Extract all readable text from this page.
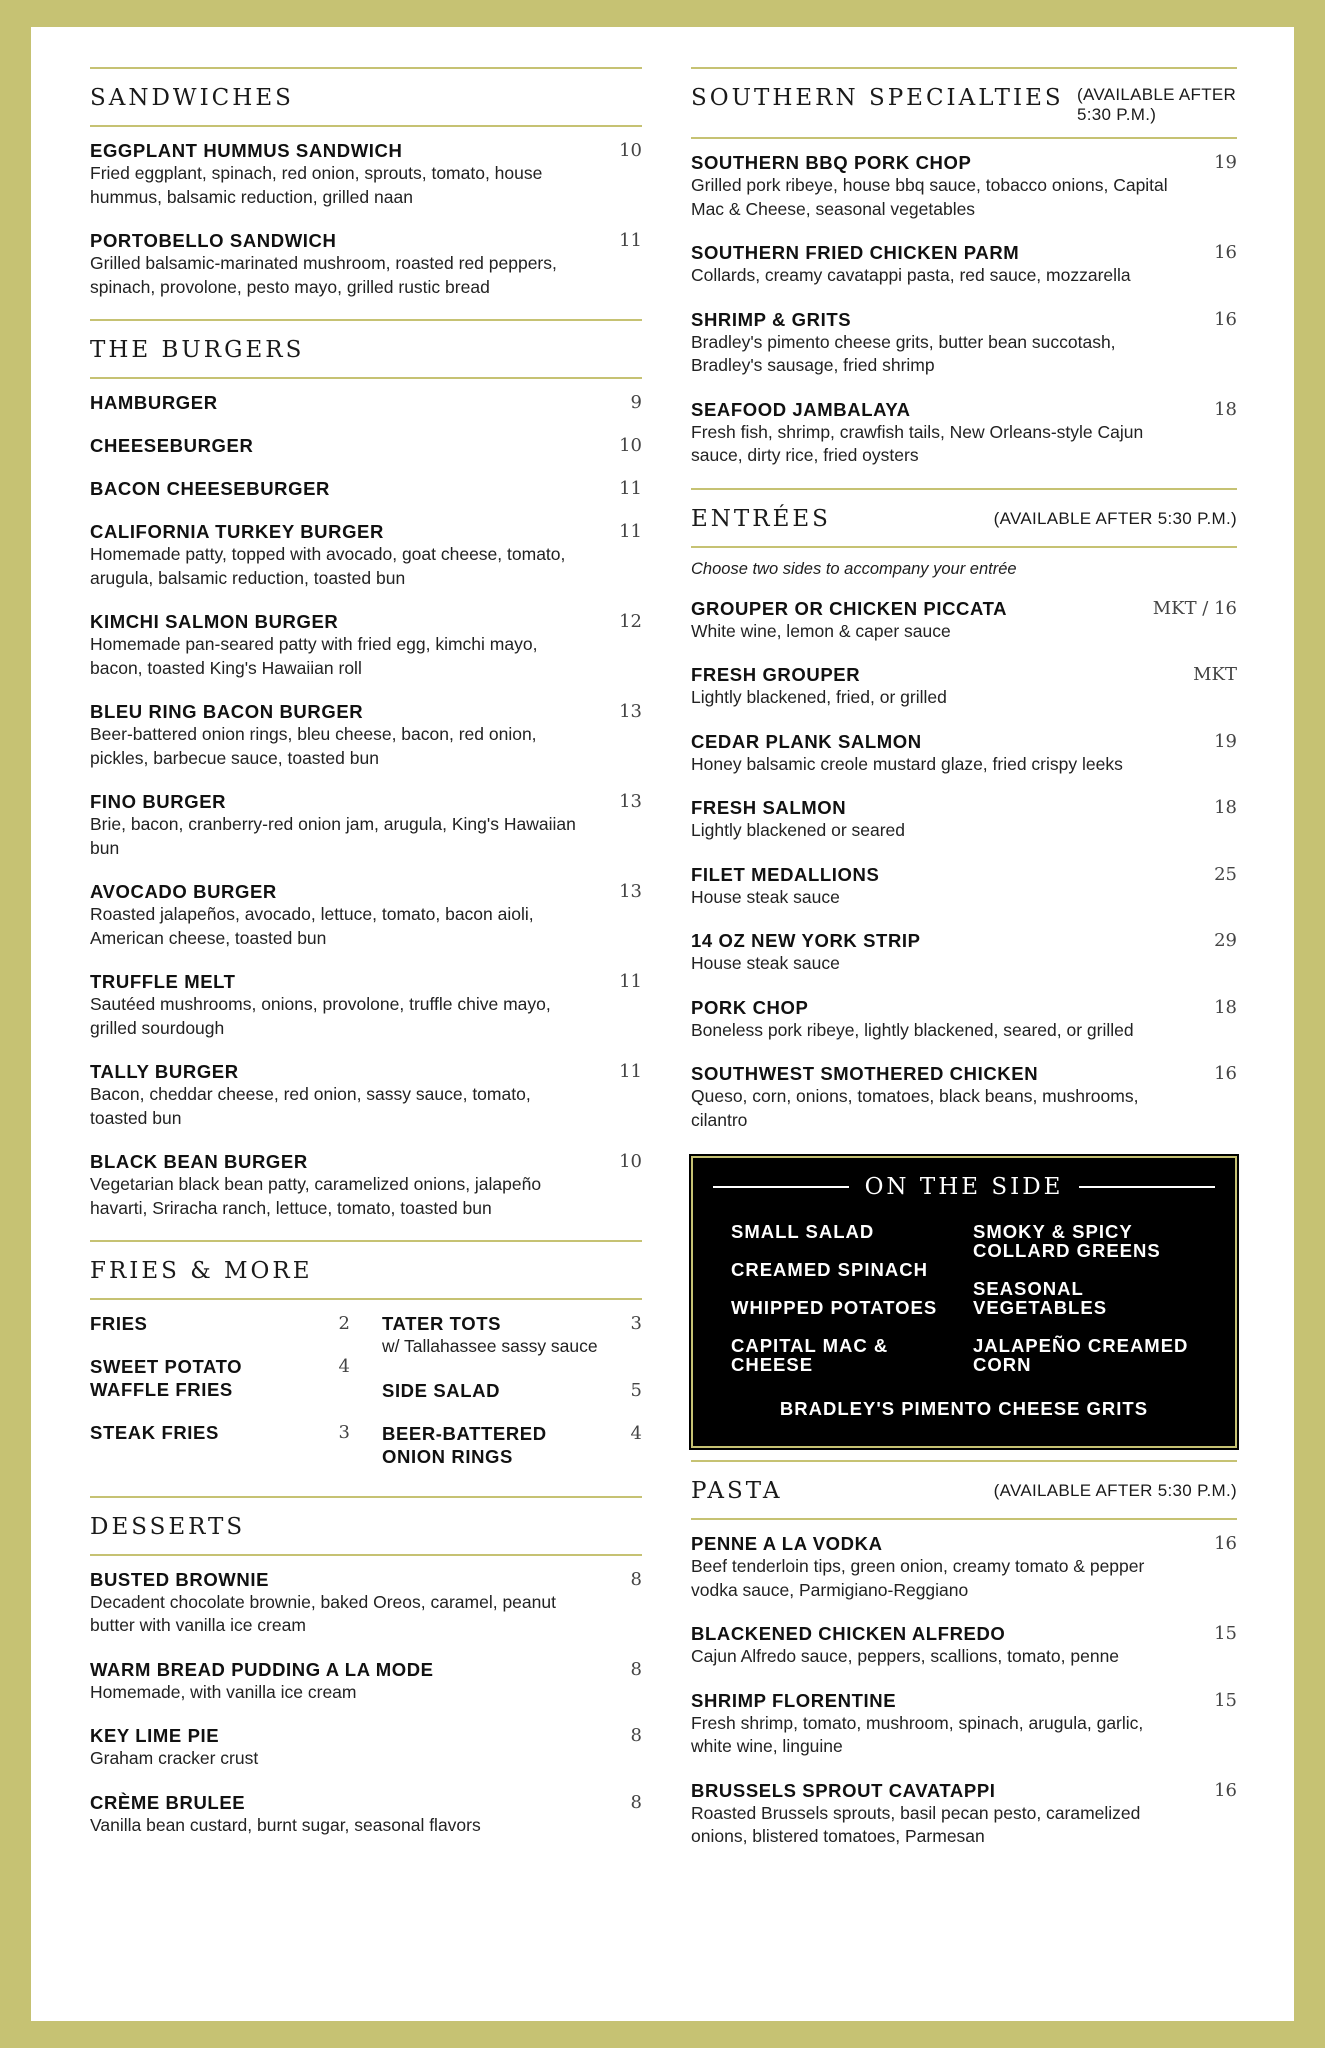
SANDWICHES
EGGPLANT HUMMUS SANDWICH
Fried eggplant, spinach, red onion, sprouts, tomato, house hummus, balsamic reduction, grilled naan
10
PORTOBELLO SANDWICH
Grilled balsamic-marinated mushroom, roasted red peppers, spinach, provolone, pesto mayo, grilled rustic bread
11
THE BURGERS
HAMBURGER	9
CHEESEBURGER	10
BACON CHEESEBURGER	11
CALIFORNIA TURKEY BURGER
Homemade patty, topped with avocado, goat cheese, tomato, arugula, balsamic reduction, toasted bun
11
KIMCHI SALMON BURGER
Homemade pan-seared patty with fried egg, kimchi mayo, bacon, toasted King's Hawaiian roll
12
BLEU RING BACON BURGER
Beer-battered onion rings, bleu cheese, bacon, red onion, pickles, barbecue sauce, toasted bun
13
FINO BURGER
Brie, bacon, cranberry-red onion jam, arugula, King's Hawaiian bun
13
AVOCADO BURGER
Roasted jalapeños, avocado, lettuce, tomato, bacon aioli, American cheese, toasted bun
13
TRUFFLE MELT
Sautéed mushrooms, onions, provolone, truffle chive mayo, grilled sourdough
11
TALLY BURGER
Bacon, cheddar cheese, red onion, sassy sauce, tomato, toasted bun
11
BLACK BEAN BURGER
Vegetarian black bean patty, caramelized onions, jalapeño havarti, Sriracha ranch, lettuce, tomato, toasted bun
10
FRIES & MORE
FRIES	2
SWEET POTATO WAFFLE FRIES
4
STEAK FRIES	3
TATER TOTS
w/ Tallahassee sassy sauce
3
SIDE SALAD	5
BEER-BATTERED ONION RINGS
4
DESSERTS
BUSTED BROWNIE
Decadent chocolate brownie, baked Oreos, caramel, peanut butter with vanilla ice cream
8
WARM BREAD PUDDING A LA MODE
Homemade, with vanilla ice cream
8
KEY LIME PIE
Graham cracker crust
8
CRÈME BRULEE
Vanilla bean custard, burnt sugar, seasonal flavors
8
SOUTHERN SPECIALTIES (AVAILABLE AFTER 5:30 P.M.)
SOUTHERN BBQ PORK CHOP
Grilled pork ribeye, house bbq sauce, tobacco onions, Capital Mac & Cheese, seasonal vegetables
19
SOUTHERN FRIED CHICKEN PARM
Collards, creamy cavatappi pasta, red sauce, mozzarella
16
SHRIMP & GRITS
Bradley's pimento cheese grits, butter bean succotash, Bradley's sausage, fried shrimp
16
SEAFOOD JAMBALAYA
Fresh fish, shrimp, crawfish tails, New Orleans-style Cajun sauce, dirty rice, fried oysters
18
ENTRÉES	(AVAILABLE AFTER 5:30 P.M.)
Choose two sides to accompany your entrée
GROUPER OR CHICKEN PICCATA
White wine, lemon & caper sauce
MKT / 16
FRESH GROUPER
Lightly blackened, fried, or grilled
MKT
CEDAR PLANK SALMON
Honey balsamic creole mustard glaze, fried crispy leeks
19
FRESH SALMON
Lightly blackened or seared
18
FILET MEDALLIONS
House steak sauce
25
14 OZ NEW YORK STRIP
House steak sauce
29
PORK CHOP
Boneless pork ribeye, lightly blackened, seared, or grilled
18
SOUTHWEST SMOTHERED CHICKEN
Queso, corn, onions, tomatoes, black beans, mushrooms, cilantro
16
ON THE SIDE
SMALL SALAD
CREAMED SPINACH
WHIPPED POTATOES
CAPITAL MAC & CHEESE
SMOKY & SPICY COLLARD GREENS
SEASONAL VEGETABLES
JALAPEÑO CREAMED CORN
BRADLEY'S PIMENTO CHEESE GRITS
PASTA	(AVAILABLE AFTER 5:30 P.M.)
PENNE A LA VODKA
Beef tenderloin tips, green onion, creamy tomato & pepper vodka sauce, Parmigiano-Reggiano
16
BLACKENED CHICKEN ALFREDO
Cajun Alfredo sauce, peppers, scallions, tomato, penne
15
SHRIMP FLORENTINE
Fresh shrimp, tomato, mushroom, spinach, arugula, garlic, white wine, linguine
15
BRUSSELS SPROUT CAVATAPPI
Roasted Brussels sprouts, basil pecan pesto, caramelized onions, blistered tomatoes, Parmesan
16
